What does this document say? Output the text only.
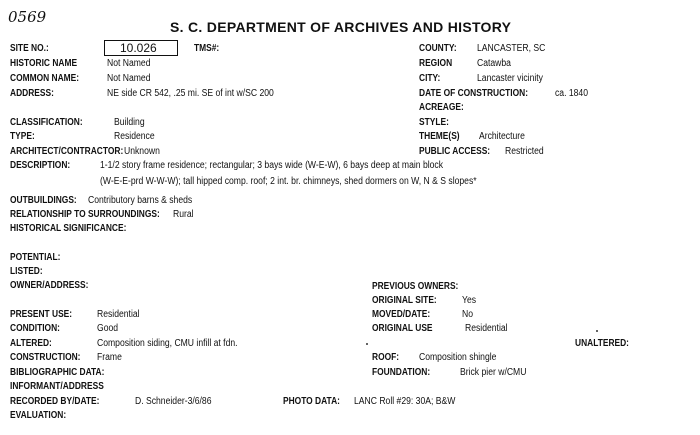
0569
S. C. DEPARTMENT OF ARCHIVES AND HISTORY
SITE NO.:	10.026	TMS#:
HISTORIC NAME	Not Named
COMMON NAME:	Not Named
ADDRESS:	NE side CR 542, .25 mi. SE of int w/SC 200
COUNTY: LANCASTER, SC
REGION Catawba
CITY:	Lancaster vicinity
DATE OF CONSTRUCTION:	ca. 1840
ACREAGE:
STYLE:
THEME(S) Architecture
PUBLIC ACCESS: Restricted
CLASSIFICATION:	Building
TYPE:	Residence
ARCHITECT/CONTRACTOR: Unknown
DESCRIPTION:	1-1/2 story frame residence; rectangular; 3 bays wide (W-E-W), 6 bays deep at main block
(W-E-E-prd W-W-W); tall hipped comp. roof; 2 int. br. chimneys, shed dormers on W, N & S slopes*
OUTBUILDINGS: Contributory barns & sheds
RELATIONSHIP TO SURROUNDINGS: Rural
HISTORICAL SIGNIFICANCE:
POTENTIAL:
LISTED:
OWNER/ADDRESS:	PREVIOUS OWNERS:
ORIGINAL SITE:	Yes
MOVED/DATE:	No
ORIGINAL USE	Residential
UNALTERED:
ROOF: Composition shingle
FOUNDATION:	Brick pier w/CMU
PRESENT USE: Residential
CONDITION:	Good
ALTERED:	Composition siding, CMU infill at fdn.
CONSTRUCTION: Frame
BIBLIOGRAPHIC DATA:
INFORMANT/ADDRESS
RECORDED BY/DATE:	D. Schneider-3/6/86	PHOTO DATA: LANC Roll #29: 30A; B&W
EVALUATION:
